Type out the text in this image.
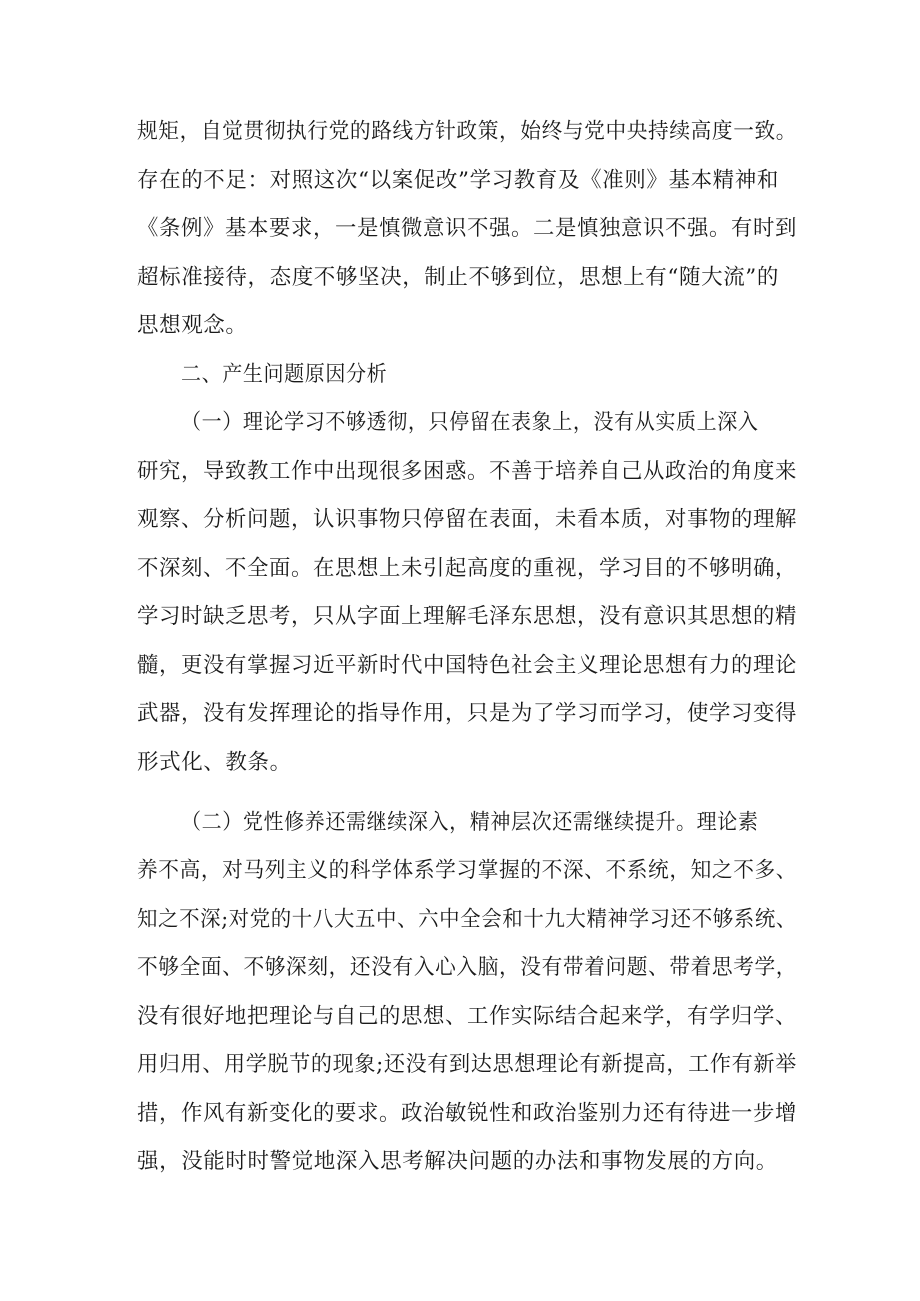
规矩，自觉贯彻执行党的路线方针政策，始终与党中央持续高度一致。
存在的不足：对照这次“以案促改”学习教育及《准则》基本精神和
《条例》基本要求，一是慎微意识不强。二是慎独意识不强。有时到
超标准接待，态度不够坚决，制止不够到位，思想上有“随大流”的
思想观念。
二、产生问题原因分析
（一）理论学习不够透彻，只停留在表象上，没有从实质上深入
研究，导致教工作中出现很多困惑。不善于培养自己从政治的角度来
观察、分析问题，认识事物只停留在表面，未看本质，对事物的理解
不深刻、不全面。在思想上未引起高度的重视，学习目的不够明确，
学习时缺乏思考，只从字面上理解毛泽东思想，没有意识其思想的精
髓，更没有掌握习近平新时代中国特色社会主义理论思想有力的理论
武器，没有发挥理论的指导作用，只是为了学习而学习，使学习变得
形式化、教条。
（二）党性修养还需继续深入，精神层次还需继续提升。理论素
养不高，对马列主义的科学体系学习掌握的不深、不系统，知之不多、
知之不深;对党的十八大五中、六中全会和十九大精神学习还不够系统、
不够全面、不够深刻，还没有入心入脑，没有带着问题、带着思考学，
没有很好地把理论与自己的思想、工作实际结合起来学，有学归学、
用归用、用学脱节的现象;还没有到达思想理论有新提高，工作有新举
措，作风有新变化的要求。政治敏锐性和政治鉴别力还有待进一步增
强，没能时时警觉地深入思考解决问题的办法和事物发展的方向。
